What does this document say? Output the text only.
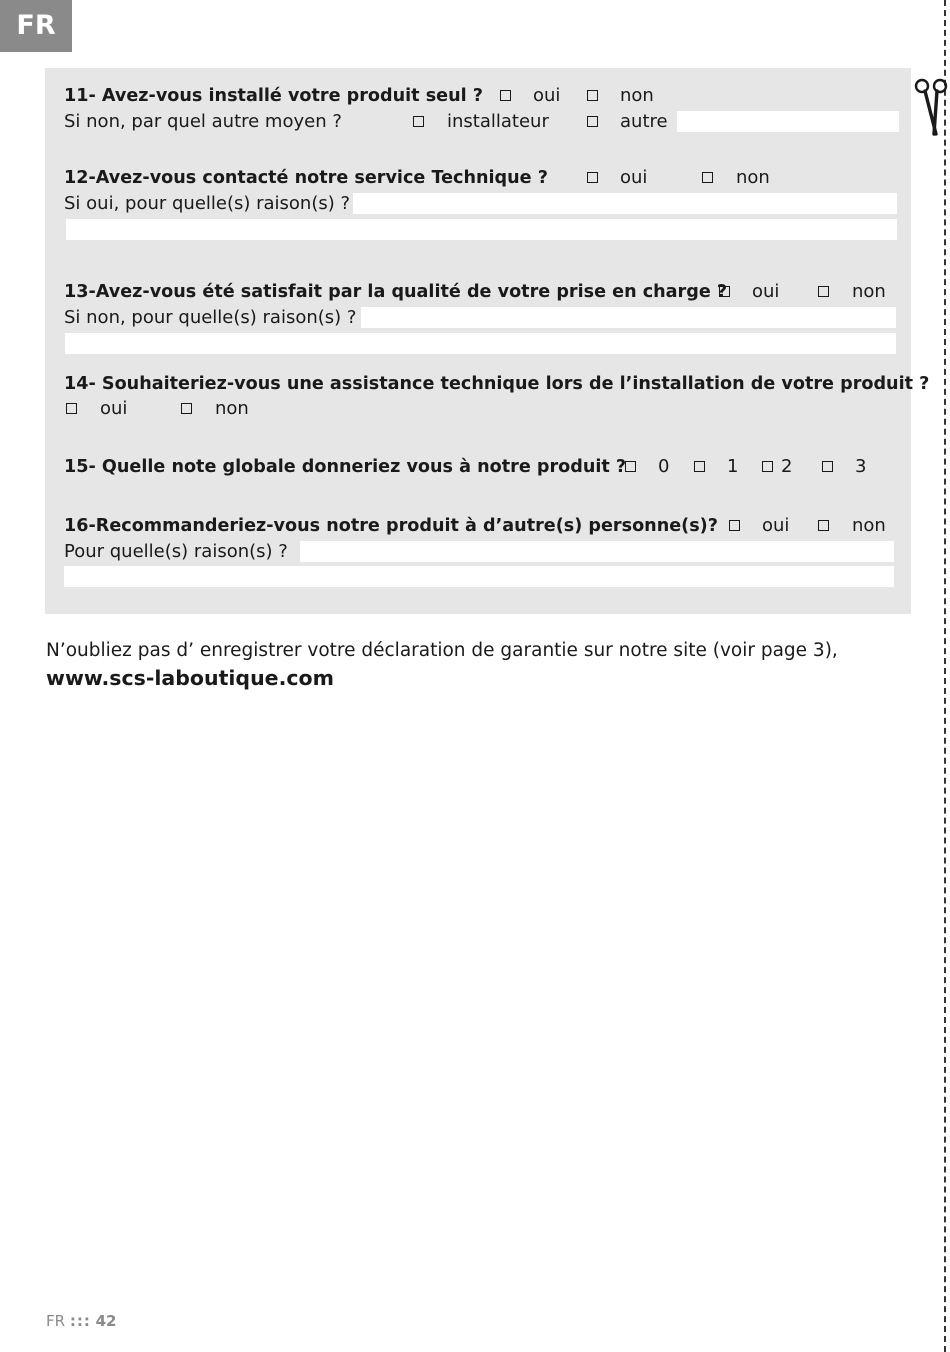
FR
11- Avez-vous installé votre produit seul ?	oui	non
Si non, par quel autre moyen ?	installateur	autre
12-Avez-vous contacté notre service Technique ?	oui	non
Si oui, pour quelle(s) raison(s) ?
13-Avez-vous été satisfait par la qualité de votre prise en charge ? oui	non
Si non, pour quelle(s) raison(s) ?
14- Souhaiteriez-vous une assistance technique lors de l’installation de votre produit ?
oui	non
15- Quelle note globale donneriez vous à notre produit ? 0	1 2	3
16-Recommanderiez-vous notre produit à d’autre(s) personne(s)? oui	non
Pour quelle(s) raison(s) ?
N’oubliez pas d’ enregistrer votre déclaration de garantie sur notre site (voir page 3),
www.scs-laboutique.com
FR ::: 42
